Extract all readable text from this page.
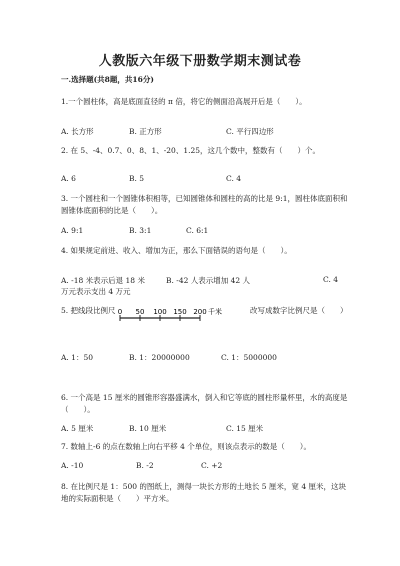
人教版六年级下册数学期末测试卷
一.选择题(共8题，共16分)
1.一个圆柱体，高是底面直径的 π 倍，将它的侧面沿高展开后是（　　）。
A. 长方形	B. 正方形	C. 平行四边形
2. 在 5、-4、0.7、0、8、1、-20、1.25，这几个数中，整数有（　　）个。
A. 6	B. 5	C. 4
3. 一个圆柱和一个圆锥体积相等，已知圆锥体和圆柱的高的比是 9:1，圆柱体底面积和圆锥体底面积的比是（　　）。
A. 9:1	B. 3:1	C. 6:1
4. 如果规定前进、收入、增加为正，那么下面错误的语句是（　　）。
A. -18 米表示后退 18 米	B. -42 人表示增加 42 人	C. 4
万元表示支出 4 万元
5. 把线段比例尺 0 50 100 150 200 千米	改写成数字比例尺是（　　）
A. 1：50	B. 1：20000000	C. 1：5000000
6. 一个高是 15 厘米的圆锥形容器盛满水，倒入和它等底的圆柱形量杯里，水的高度是（　　）。
A. 5 厘米	B. 10 厘米	C. 15 厘米
7. 数轴上-6 的点在数轴上向右平移 4 个单位，则该点表示的数是（　　）。
A. -10	B. -2	C. +2
8. 在比例尺是 1：500 的图纸上，测得一块长方形的土地长 5 厘米，宽 4 厘米，这块地的实际面积是（　　）平方米。
